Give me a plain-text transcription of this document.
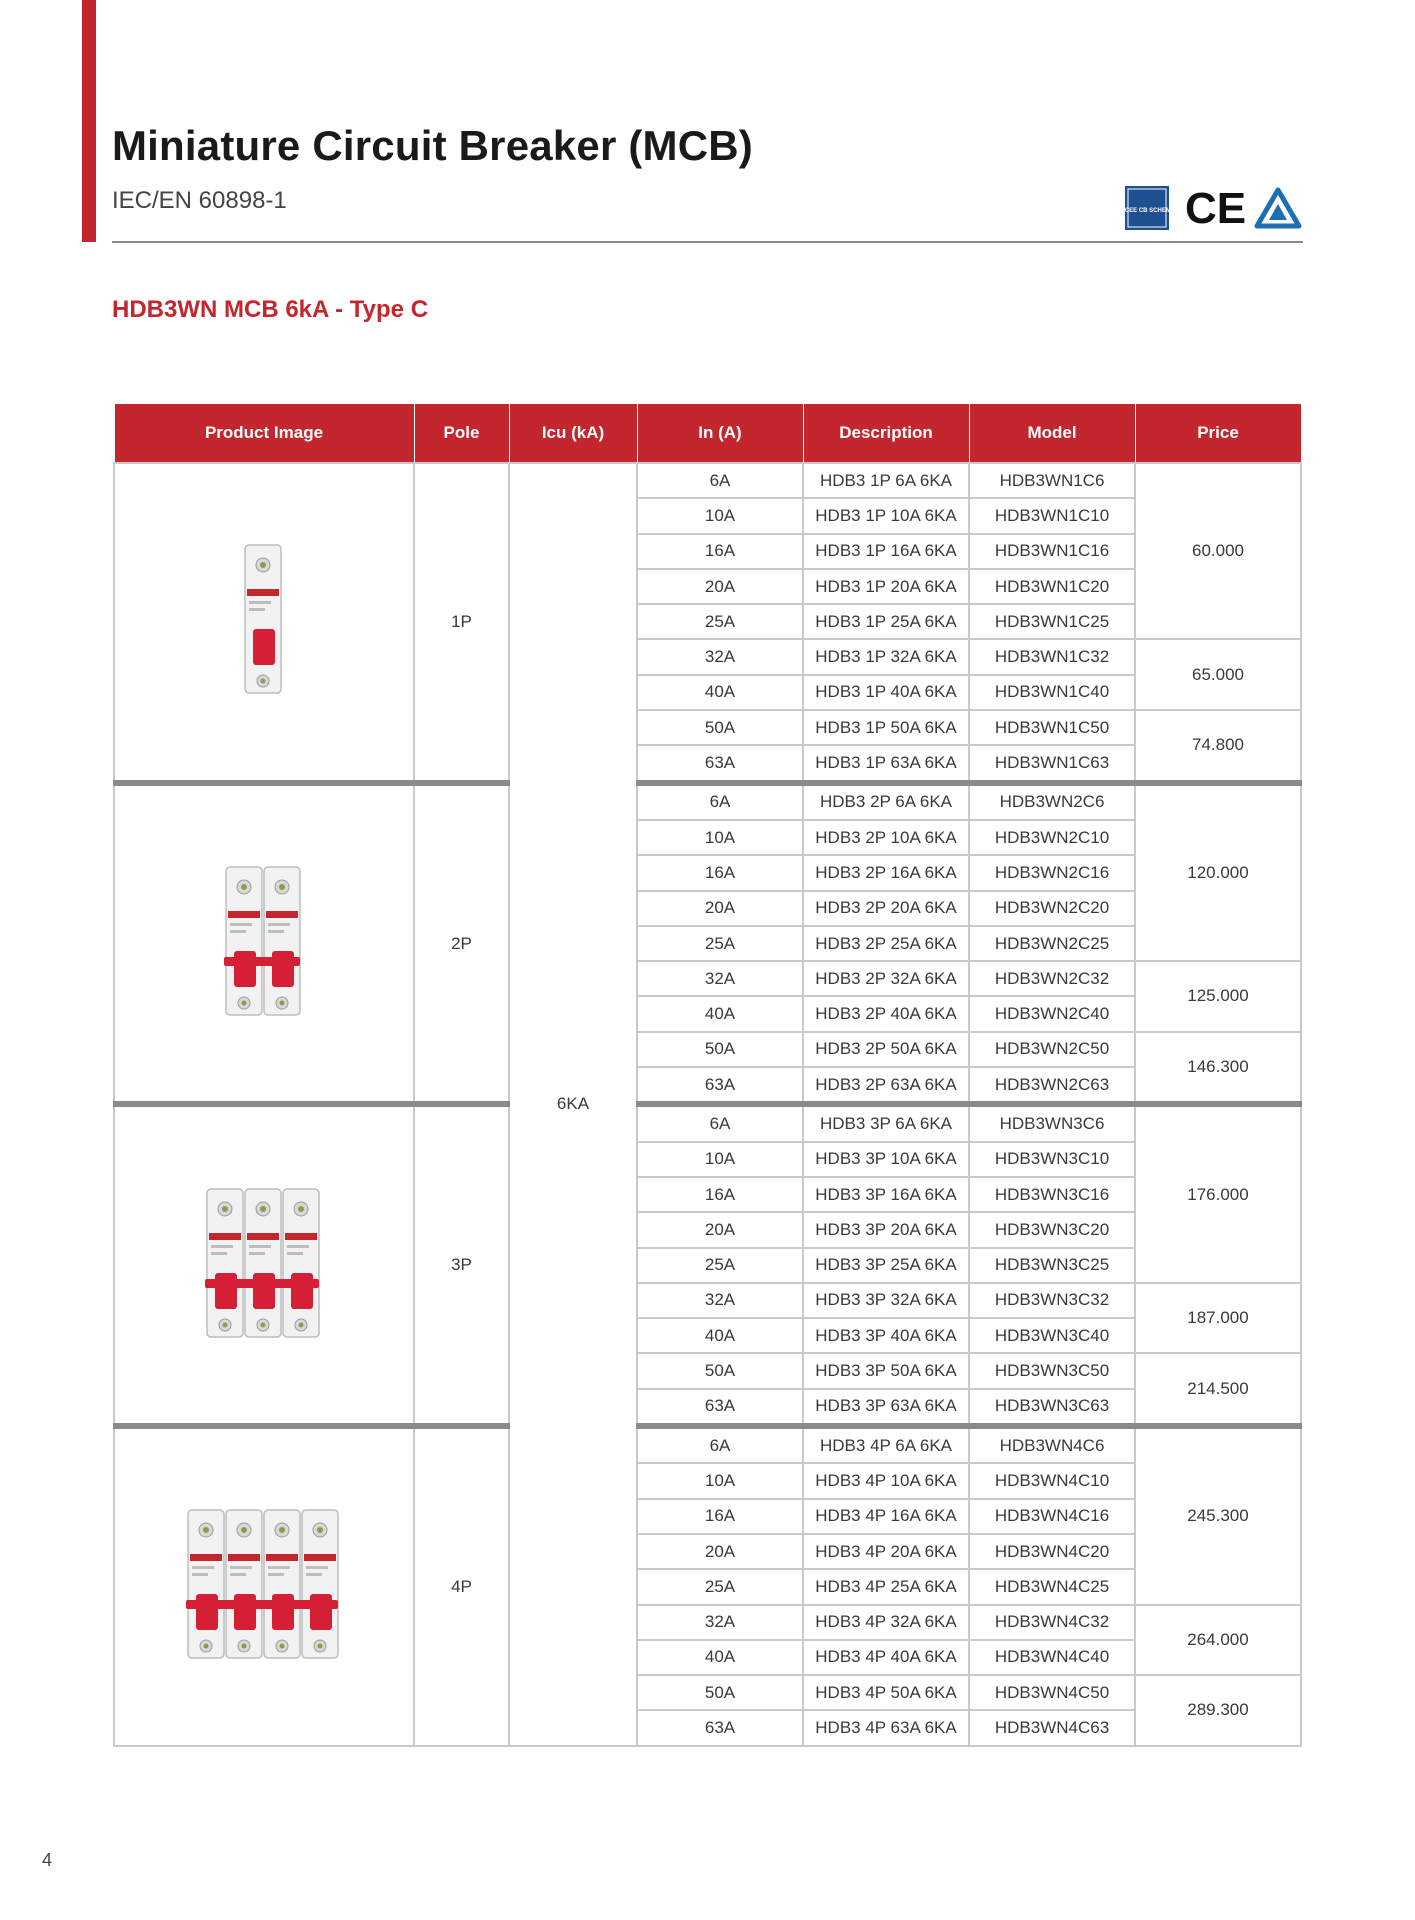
Miniature Circuit Breaker (MCB)
IEC/EN 60898-1	IECEE CB SCHEME CE
HDB3WN MCB 6kA - Type C
Product Image	Pole	Icu (kA)	In (A)	Description	Model	Price

	1P	6KA	6A	HDB3 1P 6A 6KA	HDB3WN1C6	60.000
			10A	HDB3 1P 10A 6KA	HDB3WN1C10	
			16A	HDB3 1P 16A 6KA	HDB3WN1C16	
			20A	HDB3 1P 20A 6KA	HDB3WN1C20	
			25A	HDB3 1P 25A 6KA	HDB3WN1C25	
			32A	HDB3 1P 32A 6KA	HDB3WN1C32	65.000
			40A	HDB3 1P 40A 6KA	HDB3WN1C40	
			50A	HDB3 1P 50A 6KA	HDB3WN1C50	74.800
			63A	HDB3 1P 63A 6KA	HDB3WN1C63	

	2P		6A	HDB3 2P 6A 6KA	HDB3WN2C6	120.000
			10A	HDB3 2P 10A 6KA	HDB3WN2C10	
			16A	HDB3 2P 16A 6KA	HDB3WN2C16	
			20A	HDB3 2P 20A 6KA	HDB3WN2C20	
			25A	HDB3 2P 25A 6KA	HDB3WN2C25	
			32A	HDB3 2P 32A 6KA	HDB3WN2C32	125.000
			40A	HDB3 2P 40A 6KA	HDB3WN2C40	
			50A	HDB3 2P 50A 6KA	HDB3WN2C50	146.300
			63A	HDB3 2P 63A 6KA	HDB3WN2C63	

	3P		6A	HDB3 3P 6A 6KA	HDB3WN3C6	176.000
			10A	HDB3 3P 10A 6KA	HDB3WN3C10	
			16A	HDB3 3P 16A 6KA	HDB3WN3C16	
			20A	HDB3 3P 20A 6KA	HDB3WN3C20	
			25A	HDB3 3P 25A 6KA	HDB3WN3C25	
			32A	HDB3 3P 32A 6KA	HDB3WN3C32	187.000
			40A	HDB3 3P 40A 6KA	HDB3WN3C40	
			50A	HDB3 3P 50A 6KA	HDB3WN3C50	214.500
			63A	HDB3 3P 63A 6KA	HDB3WN3C63	

	4P		6A	HDB3 4P 6A 6KA	HDB3WN4C6	245.300
			10A	HDB3 4P 10A 6KA	HDB3WN4C10	
			16A	HDB3 4P 16A 6KA	HDB3WN4C16	
			20A	HDB3 4P 20A 6KA	HDB3WN4C20	
			25A	HDB3 4P 25A 6KA	HDB3WN4C25	
			32A	HDB3 4P 32A 6KA	HDB3WN4C32	264.000
			40A	HDB3 4P 40A 6KA	HDB3WN4C40	
			50A	HDB3 4P 50A 6KA	HDB3WN4C50	289.300
			63A	HDB3 4P 63A 6KA	HDB3WN4C63	
4
